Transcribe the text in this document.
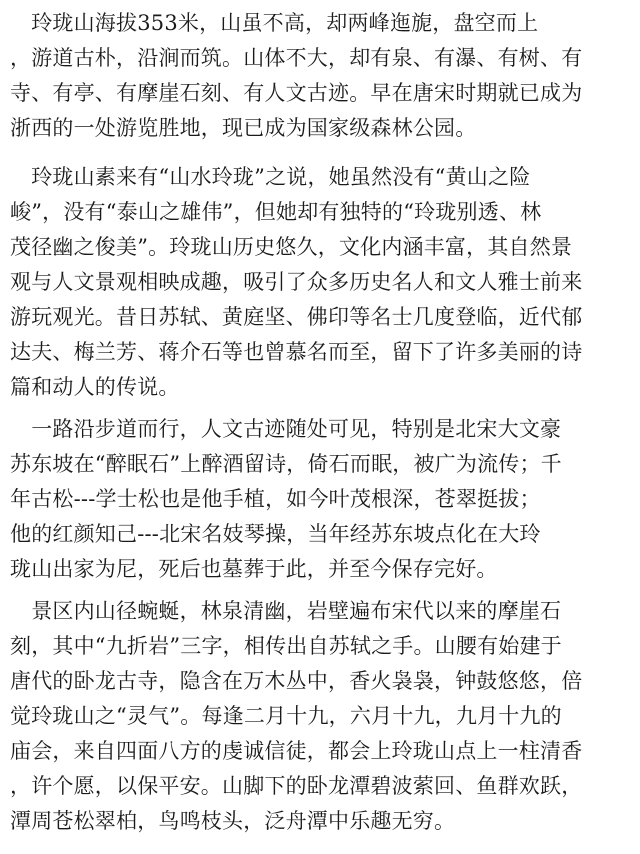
　玲珑山海拔353米，山虽不高，却两峰迤旎，盘空而上
，游道古朴，沿涧而筑。山体不大，却有泉、有瀑、有树、有
寺、有亭、有摩崖石刻、有人文古迹。早在唐宋时期就已成为
浙西的一处游览胜地，现已成为国家级森林公园。
　玲珑山素来有“山水玲珑”之说，她虽然没有“黄山之险
峻”，没有“泰山之雄伟”，但她却有独特的“玲珑别透、林
茂径幽之俊美”。玲珑山历史悠久，文化内涵丰富，其自然景
观与人文景观相映成趣，吸引了众多历史名人和文人雅士前来
游玩观光。昔日苏轼、黄庭坚、佛印等名士几度登临，近代郁
达夫、梅兰芳、蒋介石等也曾慕名而至，留下了许多美丽的诗
篇和动人的传说。
　一路沿步道而行，人文古迹随处可见，特别是北宋大文豪
苏东坡在“醉眠石”上醉酒留诗，倚石而眠，被广为流传；千
年古松---学士松也是他手植，如今叶茂根深，苍翠挺拔；
他的红颜知己---北宋名妓琴操，当年经苏东坡点化在大玲
珑山出家为尼，死后也墓葬于此，并至今保存完好。
　景区内山径蜿蜒，林泉清幽，岩壁遍布宋代以来的摩崖石
刻，其中“九折岩”三字，相传出自苏轼之手。山腰有始建于
唐代的卧龙古寺，隐含在万木丛中，香火袅袅，钟鼓悠悠，倍
觉玲珑山之“灵气”。每逢二月十九，六月十九，九月十九的
庙会，来自四面八方的虔诚信徒，都会上玲珑山点上一柱清香
，许个愿，以保平安。山脚下的卧龙潭碧波萦回、鱼群欢跃，
潭周苍松翠柏，鸟鸣枝头，泛舟潭中乐趣无穷。
